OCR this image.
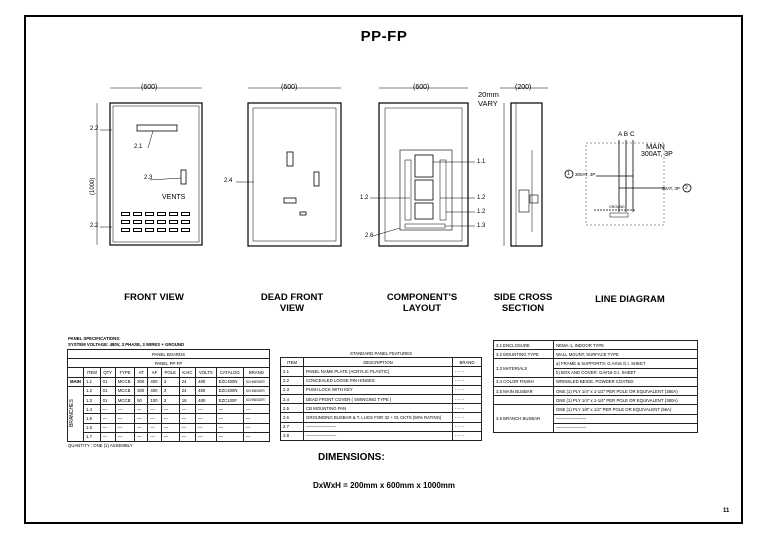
PP-FP
(600)	(600)	(600)	(200)
20mm VARY
(1000)
2.2
2.1
2.3
VENTS
2.2
2.4
1.1
1.2
1.2
1.2
1.3
2.6
A B C
MAIN
300AT, 3P
1 300AT, 3P
50AT, 3P 2
GROUND
FRONT VIEW	DEAD FRONT VIEW
COMPONENT'S LAYOUT
SIDE CROSS SECTION
LINE DIAGRAM
PANEL SPECIFICATIONS:
SYSTEM VOLTAGE: 480V, 3 PHASE, 3 WIRES + GROUND
PANEL BOARDS										
PANEL PP-FP										
	ITEM	QTY	TYPE	AT	AF	POLE	KAIC	VOLTS	CATALOG	BRAND
MAIN	1.1	01	MCCB	300	400	3	24	480	EZC400N	SCHNEIDER

BRANCHES	1.2	01	MCCB	300	400	3	24	480	EZC400N	SCHNEIDER
	1.3	01	MCCB	50	100	3	18	480	EZC100F	SCHNEIDER
	1.4	—	—	—	—	—	—	—	—	—
	1.5	—	—	—	—	—	—	—	—	—
	1.6	—	—	—	—	—	—	—	—	—
	1.7	—	—	—	—	—	—	—	—	—
QUANTITY : ONE (1) ASSEMBLY
STANDARD PANEL FEATURES		
ITEM	DESCRIPTION	BRAND
2.1	PANEL NAME PLATE (ACRYLIC PLASTIC)	- - - -
2.2	CONCEALED LOOSE PIN HINGES	- - - -
2.3	PUSH LOCK WITH KEY	- - - -
2.4	DEAD FRONT COVER ( SWINGING TYPE )	- - - -
2.5	CB MOUNTING PAN	- - - -
2.6	GROUNDING BUSBAR & T. LUGS FOR 32 + 01 CKTS (50% RATING)	- - - -
2.7	———————	- - - -
2.8	———————	- - - -
3.1 ENCLOSURE	NEMA-1, INDOOR TYPE
3.2 MOUNTING TYPE	WALL MOUNT, SURFACE TYPE
3.3 MATERIALS	a) FRAME & SUPPORTS: G.A#16 G.I. SHEET
	b) BOX AND COVER: GA#16 G.I. SHEET
3.4 COLOR FINISH	WRINKLED BEIGE, POWDER COATED
3.5 MAIN BUSBAR	ONE (1) PLY 1/4" x 1-1/2" PER POLE OR EQUIVALENT (380A)
	ONE (1) PLY 1/4" x 1-1/4" PER POLE OR EQUIVALENT (380A)
3.6 BRANCH BUSBAR	ONE (1) PLY 1/8" x 1/2" PER POLE OR EQUIVALENT (56A)
	———————
	———————
DIMENSIONS:
DxWxH = 200mm x 600mm x 1000mm
11
